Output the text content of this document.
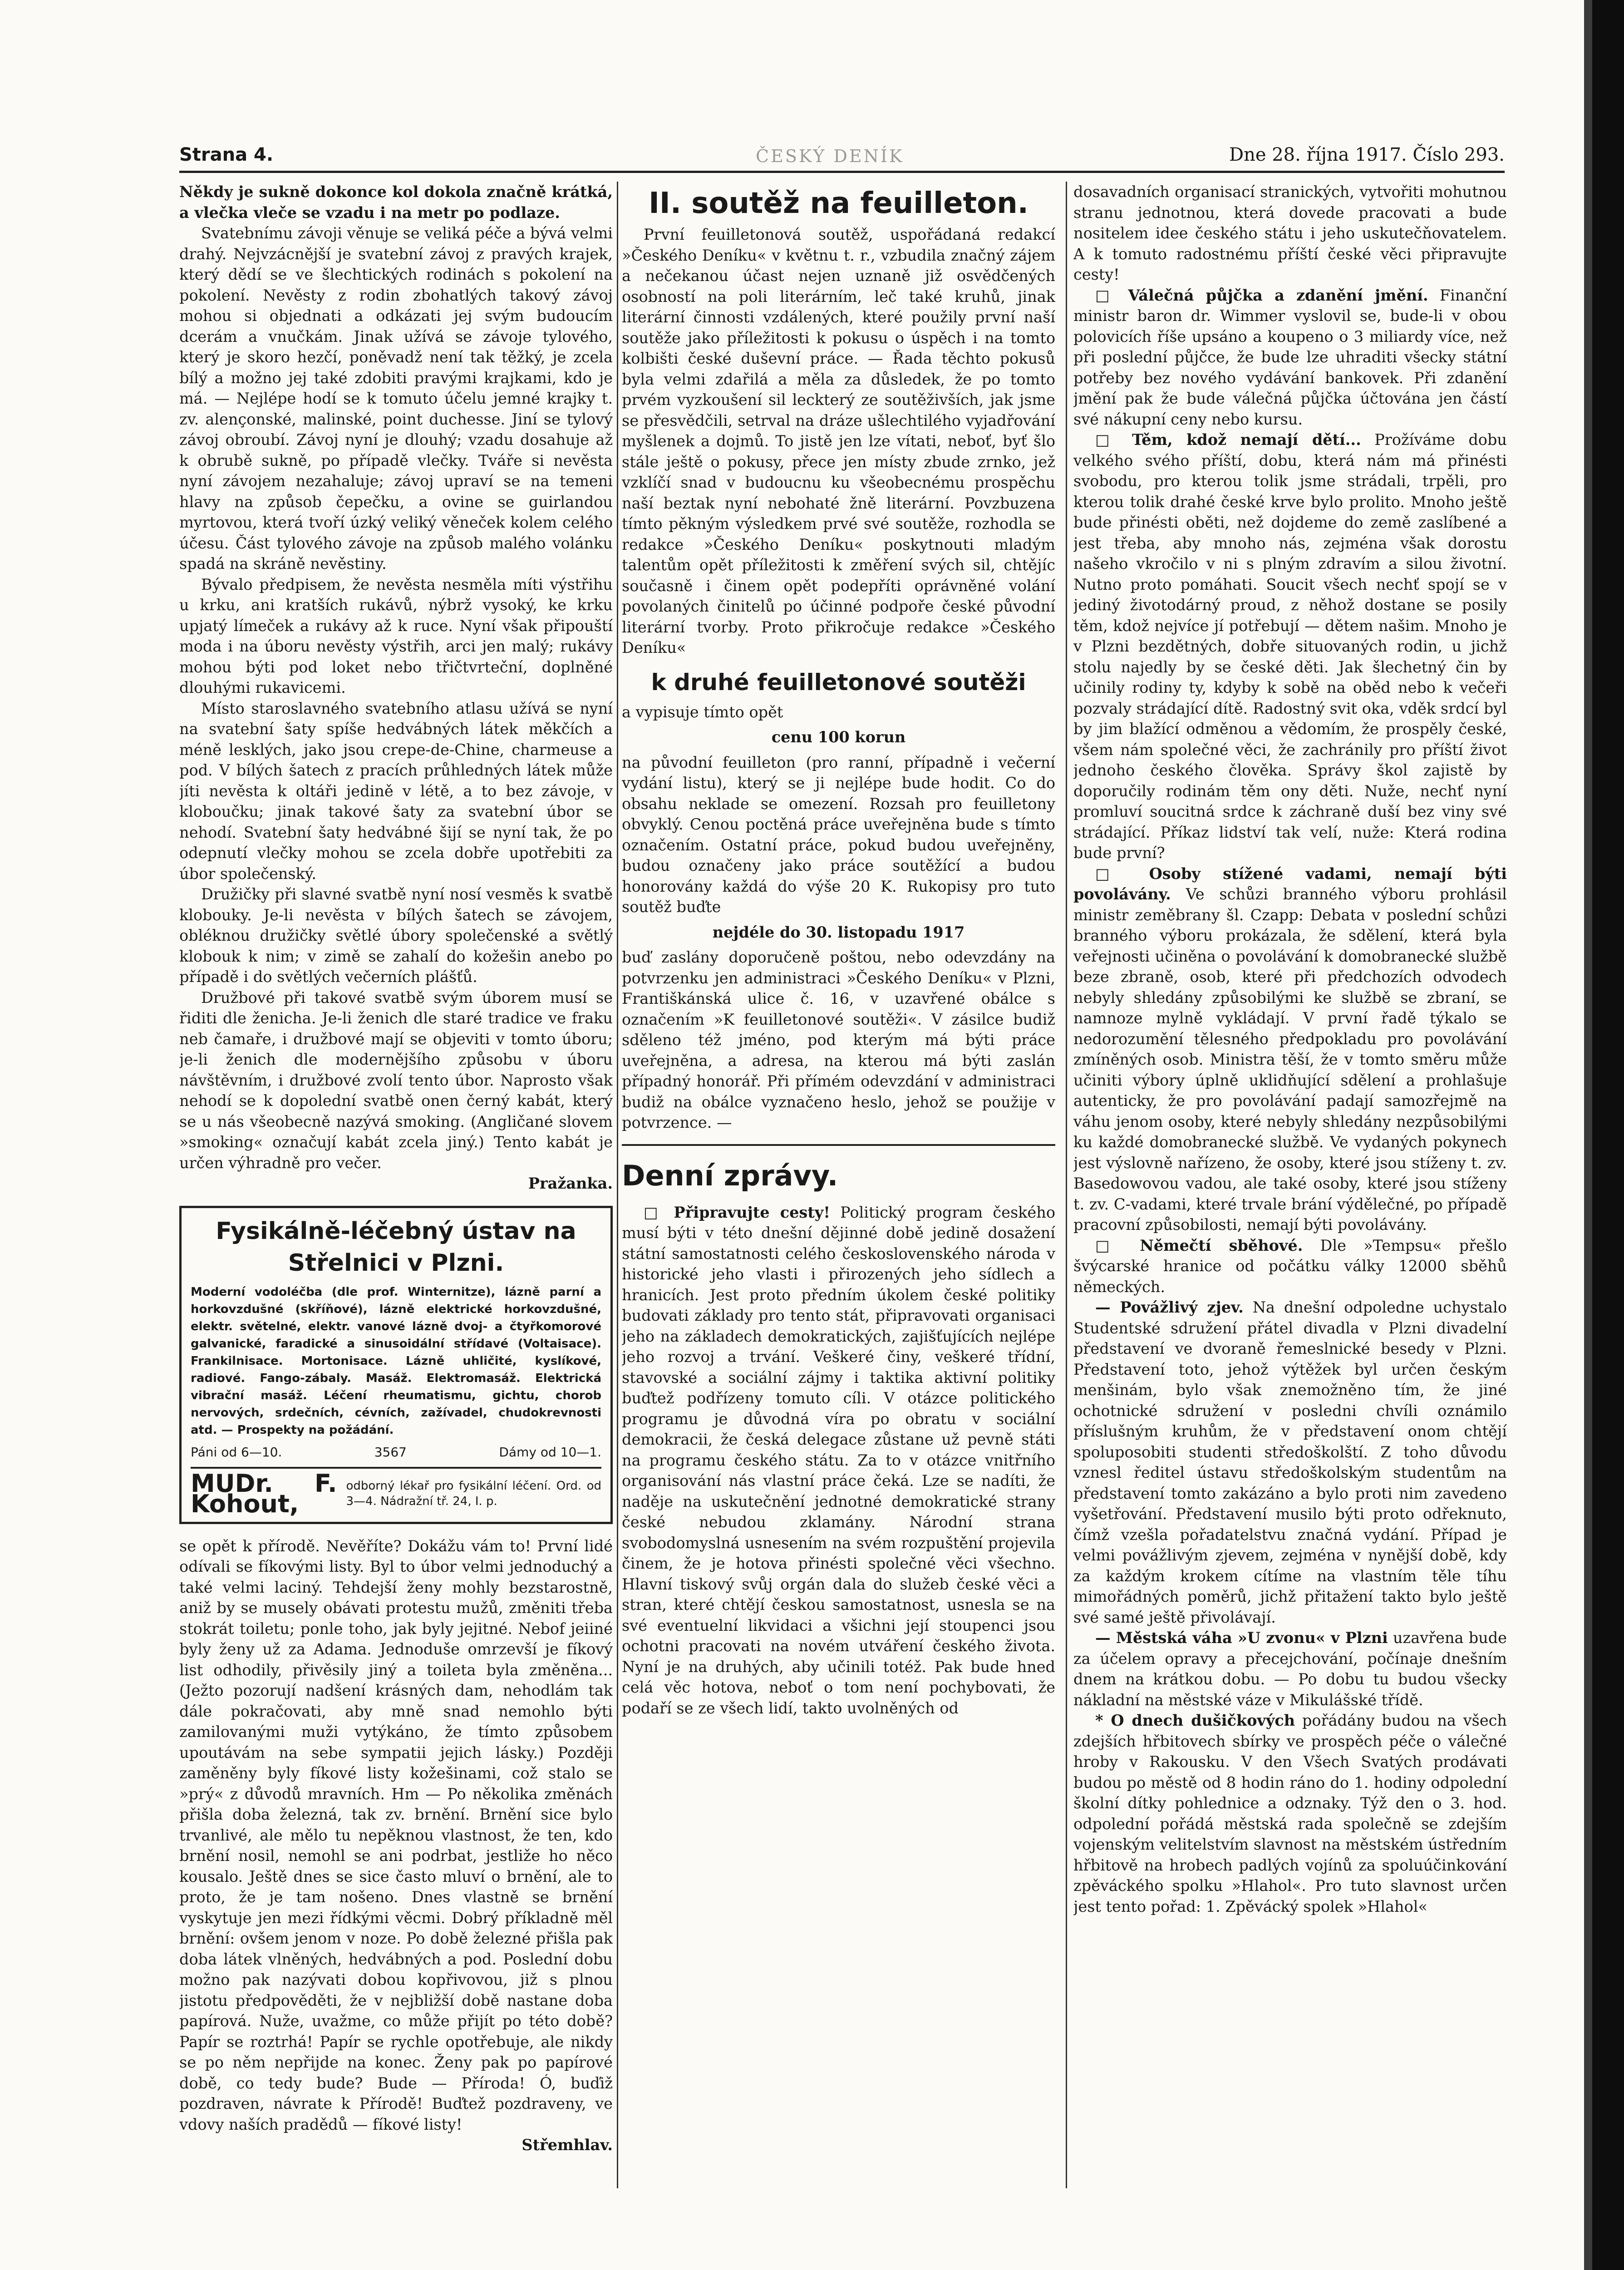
Strana 4.	ČESKÝ DENÍK	Dne 28. října 1917. Číslo 293.

Někdy je sukně dokonce kol dokola značně krátká, a vlečka vleče se vzadu i na metr po podlaze.

Svatebnímu závoji věnuje se veliká péče a bývá velmi drahý. Nejvzácnější je svatební závoj z pravých krajek, který dědí se ve šlechtických rodinách s pokolení na pokolení. Nevěsty z rodin zbohatlých takový závoj mohou si objednati a odkázati jej svým budoucím dcerám a vnučkám. Jinak užívá se závoje tylového, který je skoro hezčí, poněvadž není tak těžký, je zcela bílý a možno jej také zdobiti pravými krajkami, kdo je má. — Nejlépe hodí se k tomuto účelu jemné krajky t. zv. alençonské, malinské, point duchesse. Jiní se tylový závoj obroubí. Závoj nyní je dlouhý; vzadu dosahuje až k obrubě sukně, po případě vlečky. Tváře si nevěsta nyní závojem nezahaluje; závoj upraví se na temeni hlavy na způsob čepečku, a ovine se guirlandou myrtovou, která tvoří úzký veliký věneček kolem celého účesu. Část tylového závoje na způsob malého volánku spadá na skráně nevěstiny.

Bývalo předpisem, že nevěsta nesměla míti výstřihu u krku, ani kratších rukávů, nýbrž vysoký, ke krku upjatý límeček a rukávy až k ruce. Nyní však připouští moda i na úboru nevěsty výstřih, arci jen malý; rukávy mohou býti pod loket nebo třičtvrteční, doplněné dlouhými rukavicemi.

Místo staroslavného svatebního atlasu užívá se nyní na svatební šaty spíše hedvábných látek měkčích a méně lesklých, jako jsou crepe-de-Chine, charmeuse a pod. V bílých šatech z pracích průhledných látek může jíti nevěsta k oltáři jedině v létě, a to bez závoje, v kloboučku; jinak takové šaty za svatební úbor se nehodí. Svatební šaty hedvábné šijí se nyní tak, že po odepnutí vlečky mohou se zcela dobře upotřebiti za úbor společenský.

Družičky při slavné svatbě nyní nosí vesměs k svatbě klobouky. Je-li nevěsta v bílých šatech se závojem, obléknou družičky světlé úbory společenské a světlý klobouk k nim; v zimě se zahalí do kožešin anebo po případě i do světlých večerních plášťů.

Družbové při takové svatbě svým úborem musí se řiditi dle ženicha. Je-li ženich dle staré tradice ve fraku neb čamaře, i družbové mají se objeviti v tomto úboru; je-li ženich dle modernějšího způsobu v úboru návštěvním, i družbové zvolí tento úbor. Naprosto však nehodí se k dopolední svatbě onen černý kabát, který se u nás všeobecně nazývá smoking. (Angličané slovem »smoking« označují kabát zcela jiný.) Tento kabát je určen výhradně pro večer.

Pražanka.
Fysikálně-léčebný ústav na Střelnici v Plzni.
Moderní vodoléčba (dle prof. Winternitze), lázně parní a horkovzdušné (skříňové), lázně elektrické horkovzdušné, elektr. světelné, elektr. vanové lázně dvoj- a čtyřkomorové galvanické, faradické a sinusoidální střídavé (Voltaisace). Frankilnisace. Mortonisace. Lázně uhličité, kyslíkové, radiové. Fango-zábaly. Masáž. Elektromasáž. Elektrická vibrační masáž. Léčení rheumatismu, gichtu, chorob nervových, srdečních, cévních, zažívadel, chudokrevnosti atd. — Prospekty na požádání.
Páni od 6—10.	3567	Dámy od 10—1.
MUDr. F. Kohout,
odborný lékař pro fysikální léčení. Ord. od 3—4. Nádražní tř. 24, I. p.

se opět k přírodě. Nevěříte? Dokážu vám to! První lidé odívali se fíkovými listy. Byl to úbor velmi jednoduchý a také velmi laciný. Tehdejší ženy mohly bezstarostně, aniž by se musely obávati protestu mužů, změniti třeba stokrát toiletu; ponle toho, jak byly jejitné. Nebof jeiiné byly ženy už za Adama. Jednoduše omrzevší je fíkový list odhodily, přivěsily jiný a toileta byla změněna... (Ježto pozorují nadšení krásných dam, nehodlám tak dále pokračovati, aby mně snad nemohlo býti zamilovanými muži vytýkáno, že tímto způsobem upoutávám na sebe sympatii jejich lásky.) Později zaměněny byly fíkové listy kožešinami, což stalo se »prý« z důvodů mravních. Hm — Po několika změnách přišla doba železná, tak zv. brnění. Brnění sice bylo trvanlivé, ale mělo tu nepěknou vlastnost, že ten, kdo brnění nosil, nemohl se ani podrbat, jestliže ho něco kousalo. Ještě dnes se sice často mluví o brnění, ale to proto, že je tam nošeno. Dnes vlastně se brnění vyskytuje jen mezi řídkými věcmi. Dobrý příkladně měl brnění: ovšem jenom v noze. Po době železné přišla pak doba látek vlněných, hedvábných a pod. Poslední dobu možno pak nazývati dobou kopřivovou, již s plnou jistotu předpověděti, že v nejbližší době nastane doba papírová. Nuže, uvažme, co může přijít po této době? Papír se roztrhá! Papír se rychle opotřebuje, ale nikdy se po něm nepřijde na konec. Ženy pak po papírové době, co tedy bude? Bude — Příroda! Ó, buďiž pozdraven, návrate k Přírodě! Buďtež pozdraveny, ve vdovy naších pradědů — fíkové listy!

Střemhlav.
II. soutěž na feuilleton.

První feuilletonová soutěž, uspořádaná redakcí »Českého Deníku« v květnu t. r., vzbudila značný zájem a nečekanou účast nejen uznaně již osvědčených osobností na poli literárním, leč také kruhů, jinak literární činnosti vzdálených, které použily první naší soutěže jako příležitosti k pokusu o úspěch i na tomto kolbišti české duševní práce. — Řada těchto pokusů byla velmi zdařilá a měla za důsledek, že po tomto prvém vyzkoušení sil leckterý ze soutěživších, jak jsme se přesvědčili, setrval na dráze ušlechtilého vyjadřování myšlenek a dojmů. To jistě jen lze vítati, neboť, byť šlo stále ještě o pokusy, přece jen místy zbude zrnko, jež vzklíčí snad v budoucnu ku všeobecnému prospěchu naší beztak nyní nebohaté žně literární. Povzbuzena tímto pěkným výsledkem prvé své soutěže, rozhodla se redakce »Českého Deníku« poskytnouti mladým talentům opět příležitosti k změření svých sil, chtějíc současně i činem opět podepříti oprávněné volání povolaných činitelů po účinné podpoře české původní literární tvorby. Proto přikročuje redakce »Českého Deníku«

k druhé feuilletonové soutěži

a vypisuje tímto opět

cenu 100 korun

na původní feuilleton (pro ranní, případně i večerní vydání listu), který se ji nejlépe bude hodit. Co do obsahu neklade se omezení. Rozsah pro feuilletony obvyklý. Cenou poctěná práce uveřejněna bude s tímto označením. Ostatní práce, pokud budou uveřejněny, budou označeny jako práce soutěžící a budou honorovány každá do výše 20 K. Rukopisy pro tuto soutěž buďte

nejdéle do 30. listopadu 1917

buď zaslány doporučeně poštou, nebo odevzdány na potvrzenku jen administraci »Českého Deníku« v Plzni, Františkánská ulice č. 16, v uzavřené obálce s označením »K feuilletonové soutěži«. V zásilce budiž sděleno též jméno, pod kterým má býti práce uveřejněna, a adresa, na kterou má býti zaslán případný honorář. Při přímém odevzdání v administraci budiž na obálce vyznačeno heslo, jehož se použije v potvrzence. —

Denní zprávy.

□ Připravujte cesty! Politický program českého musí býti v této dnešní dějinné době jedině dosažení státní samostatnosti celého československého národa v historické jeho vlasti i přirozených jeho sídlech a hranicích. Jest proto předním úkolem české politiky budovati základy pro tento stát, připravovati organisaci jeho na základech demokratických, zajišťujících nejlépe jeho rozvoj a trvání. Veškeré činy, veškeré třídní, stavovské a sociální zájmy i taktika aktivní politiky buďtež podřízeny tomuto cíli. V otázce politického programu je důvodná víra po obratu v sociální demokracii, že česká delegace zůstane už pevně státi na programu českého státu. Za to v otázce vnitřního organisování nás vlastní práce čeká. Lze se nadíti, že naděje na uskutečnění jednotné demokratické strany české nebudou zklamány. Národní strana svobodomyslná usnesením na svém rozpuštění projevila činem, že je hotova přinésti společné věci všechno. Hlavní tiskový svůj orgán dala do služeb české věci a stran, které chtějí českou samostatnost, usnesla se na své eventuelní likvidaci a všichni její stoupenci jsou ochotni pracovati na novém utváření českého života. Nyní je na druhých, aby učinili totéž. Pak bude hned celá věc hotova, neboť o tom není pochybovati, že podaří se ze všech lidí, takto uvolněných od

dosavadních organisací stranických, vytvořiti mohutnou stranu jednotnou, která dovede pracovati a bude nositelem idee českého státu i jeho uskutečňovatelem. A k tomuto radostnému příští české věci připravujte cesty!

□ Válečná půjčka a zdanění jmění. Finanční ministr baron dr. Wimmer vyslovil se, bude-li v obou polovicích říše upsáno a koupeno o 3 miliardy více, než při poslední půjčce, že bude lze uhraditi všecky státní potřeby bez nového vydávání bankovek. Při zdanění jmění pak že bude válečná půjčka účtována jen částí své nákupní ceny nebo kursu.

□ Těm, kdož nemají dětí... Prožíváme dobu velkého svého příští, dobu, která nám má přinésti svobodu, pro kterou tolik jsme strádali, trpěli, pro kterou tolik drahé české krve bylo prolito. Mnoho ještě bude přinésti oběti, než dojdeme do země zaslíbené a jest třeba, aby mnoho nás, zejména však dorostu našeho vkročilo v ni s plným zdravím a silou životní. Nutno proto pomáhati. Soucit všech nechť spojí se v jediný životodárný proud, z něhož dostane se posily těm, kdož nejvíce jí potřebují — dětem našim. Mnoho je v Plzni bezdětných, dobře situovaných rodin, u jichž stolu najedly by se české děti. Jak šlechetný čin by učinily rodiny ty, kdyby k sobě na oběd nebo k večeři pozvaly strádající dítě. Radostný svit oka, vděk srdcí byl by jim blažící odměnou a vědomím, že prospěly české, všem nám společné věci, že zachránily pro příští život jednoho českého člověka. Správy škol zajistě by doporučily rodinám těm ony děti. Nuže, nechť nyní promluví soucitná srdce k záchraně duší bez viny své strádající. Příkaz lidství tak velí, nuže: Která rodina bude první?

□ Osoby stížené vadami, nemají býti povolávány. Ve schůzi branného výboru prohlásil ministr zeměbrany šl. Czapp: Debata v poslední schůzi branného výboru prokázala, že sdělení, která byla veřejnosti učiněna o povolávání k domobranecké službě beze zbraně, osob, které při předchozích odvodech nebyly shledány způsobilými ke službě se zbraní, se namnoze mylně vykládají. V první řadě týkalo se nedorozumění tělesného předpokladu pro povolávání zmíněných osob. Ministra těší, že v tomto směru může učiniti výbory úplně uklidňující sdělení a prohlašuje autenticky, že pro povolávání padají samozřejmě na váhu jenom osoby, které nebyly shledány nezpůsobilými ku každé domobranecké službě. Ve vydaných pokynech jest výslovně nařízeno, že osoby, které jsou stíženy t. zv. Basedowovou vadou, ale také osoby, které jsou stíženy t. zv. C-vadami, které trvale brání výdělečné, po případě pracovní způsobilosti, nemají býti povolávány.

□ Němečtí sběhové. Dle »Tempsu« přešlo švýcarské hranice od počátku války 12000 sběhů německých.

— Povážlivý zjev. Na dnešní odpoledne uchystalo Studentské sdružení přátel divadla v Plzni divadelní představení ve dvoraně řemeslnické besedy v Plzni. Představení toto, jehož výtěžek byl určen českým menšinám, bylo však znemožněno tím, že jiné ochotnické sdružení v posledni chvíli oznámilo příslušným kruhům, že v představení onom chtějí spoluposobiti studenti středoškolští. Z toho důvodu vznesl ředitel ústavu středoškolským studentům na představení tomto zakázáno a bylo proti nim zavedeno vyšetřování. Představení musilo býti proto odřeknuto, čímž vzešla pořadatelstvu značná vydání. Případ je velmi povážlivým zjevem, zejména v nynější době, kdy za každým krokem cítíme na vlastním těle tíhu mimořádných poměrů, jichž přitažení takto bylo ještě své samé ještě přivolávají.

— Městská váha »U zvonu« v Plzni uzavřena bude za účelem opravy a přecejchování, počínaje dnešním dnem na krátkou dobu. — Po dobu tu budou všecky nákladní na městské váze v Mikulášské třídě.

* O dnech dušičkových pořádány budou na všech zdejších hřbitovech sbírky ve prospěch péče o válečné hroby v Rakousku. V den Všech Svatých prodávati budou po městě od 8 hodin ráno do 1. hodiny odpolední školní dítky pohlednice a odznaky. Týž den o 3. hod. odpolední pořádá městská rada společně se zdejším vojenským velitelstvím slavnost na městském ústředním hřbitově na hrobech padlých vojínů za spoluúčinkování zpěváckého spolku »Hlahol«. Pro tuto slavnost určen jest tento pořad: 1. Zpěvácký spolek »Hlahol«
